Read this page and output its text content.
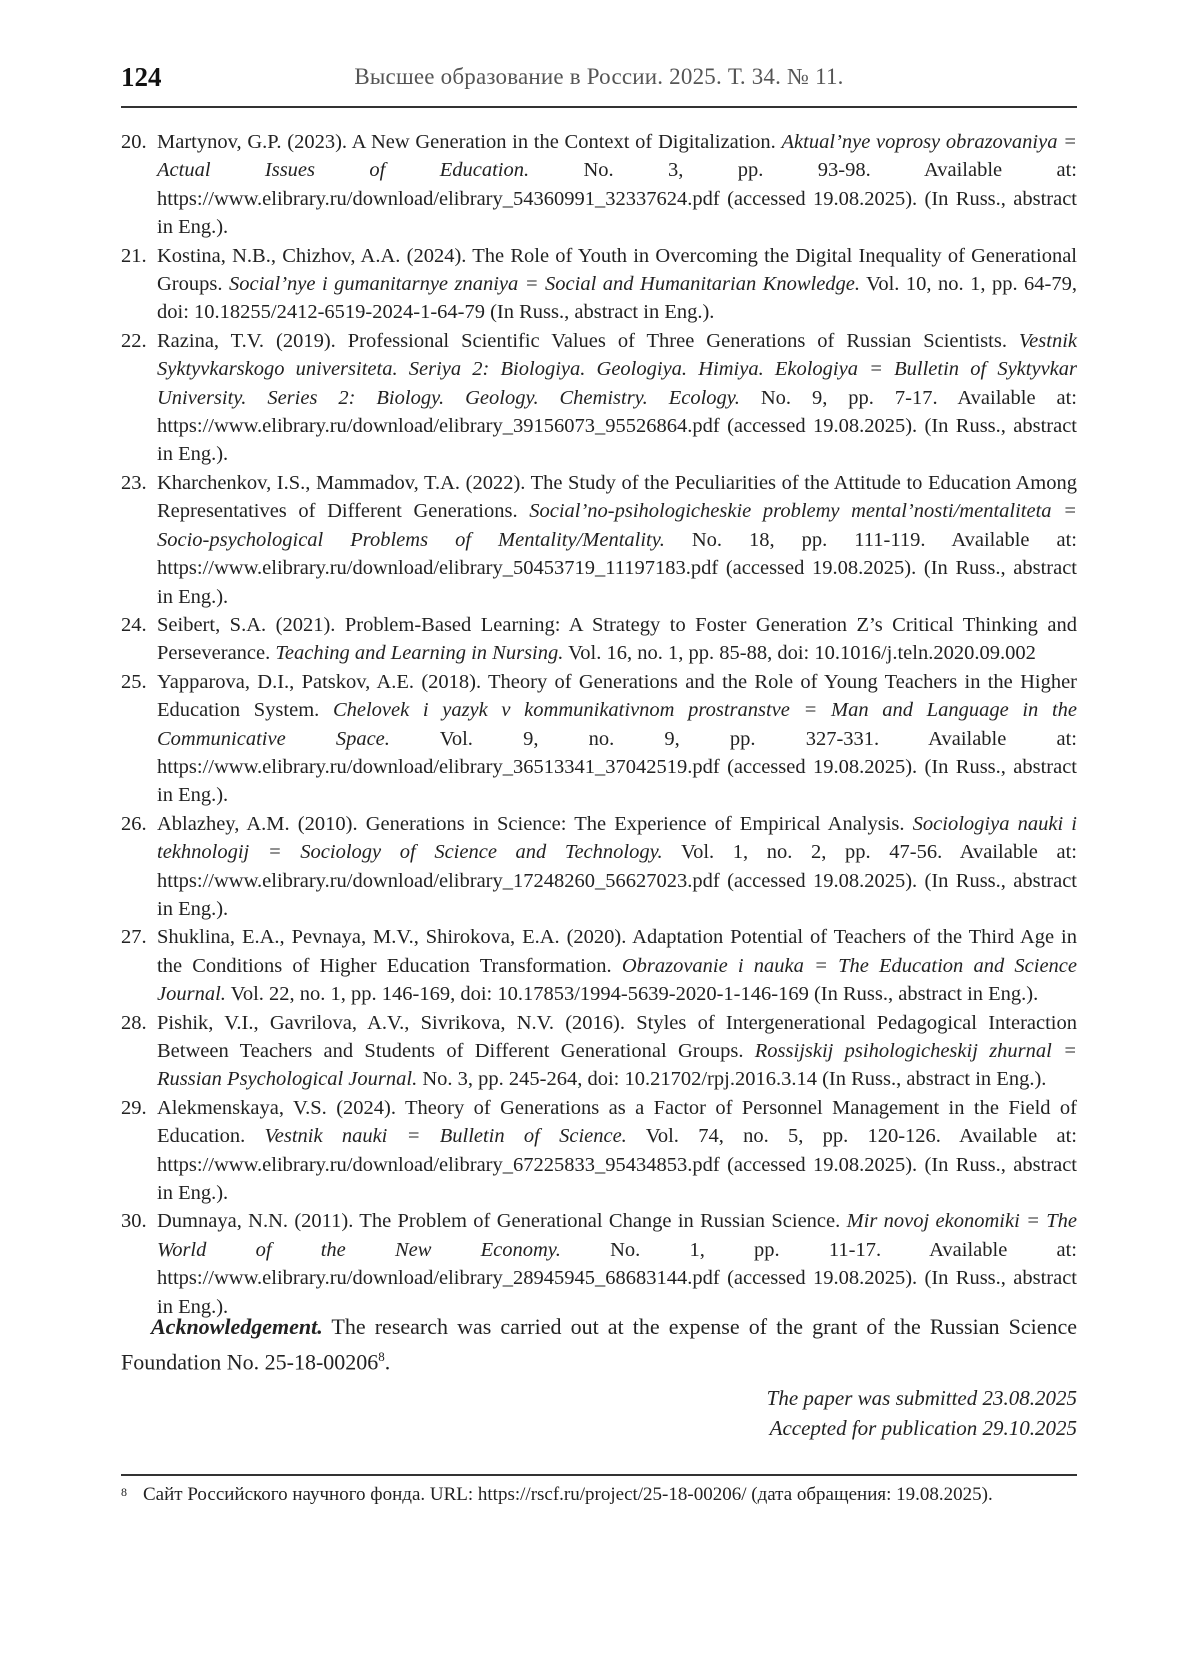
124	Высшее образование в России. 2025. Т. 34. № 11.
20. Martynov, G.P. (2023). A New Generation in the Context of Digitalization. Aktual’nye voprosy obrazovaniya = Actual Issues of Education. No. 3, pp. 93-98. Available at: https://www.elibrary.ru/download/elibrary_54360991_32337624.pdf (accessed 19.08.2025). (In Russ., abstract in Eng.).
21. Kostina, N.B., Chizhov, A.A. (2024). The Role of Youth in Overcoming the Digital Inequality of Generational Groups. Social’nye i gumanitarnye znaniya = Social and Humanitarian Knowledge. Vol. 10, no. 1, pp. 64-79, doi: 10.18255/2412-6519-2024-1-64-79 (In Russ., abstract in Eng.).
22. Razina, T.V. (2019). Professional Scientific Values of Three Generations of Russian Scientists. Vestnik Syktyvkarskogo universiteta. Seriya 2: Biologiya. Geologiya. Himiya. Ekologiya = Bulletin of Syktyvkar University. Series 2: Biology. Geology. Chemistry. Ecology. No. 9, pp. 7-17. Available at: https://www.elibrary.ru/download/elibrary_39156073_95526864.pdf (accessed 19.08.2025). (In Russ., abstract in Eng.).
23. Kharchenkov, I.S., Mammadov, T.A. (2022). The Study of the Peculiarities of the Attitude to Education Among Representatives of Different Generations. Social’no-psihologicheskie problemy mental’nosti/mentaliteta = Socio-psychological Problems of Mentality/Mentality. No. 18, pp. 111-119. Available at: https://www.elibrary.ru/download/elibrary_50453719_11197183.pdf (accessed 19.08.2025). (In Russ., abstract in Eng.).
24. Seibert, S.A. (2021). Problem-Based Learning: A Strategy to Foster Generation Z’s Critical Thinking and Perseverance. Teaching and Learning in Nursing. Vol. 16, no. 1, pp. 85-88, doi: 10.1016/j.teln.2020.09.002
25. Yapparova, D.I., Patskov, A.E. (2018). Theory of Generations and the Role of Young Teachers in the Higher Education System. Chelovek i yazyk v kommunikativnom prostranstve = Man and Language in the Communicative Space. Vol. 9, no. 9, pp. 327-331. Available at: https://www.elibrary.ru/download/elibrary_36513341_37042519.pdf (accessed 19.08.2025). (In Russ., abstract in Eng.).
26. Ablazhey, A.M. (2010). Generations in Science: The Experience of Empirical Analysis. Sociologiya nauki i tekhnologij = Sociology of Science and Technology. Vol. 1, no. 2, pp. 47-56. Available at: https://www.elibrary.ru/download/elibrary_17248260_56627023.pdf (accessed 19.08.2025). (In Russ., abstract in Eng.).
27. Shuklina, E.A., Pevnaya, M.V., Shirokova, E.A. (2020). Adaptation Potential of Teachers of the Third Age in the Conditions of Higher Education Transformation. Obrazovanie i nauka = The Education and Science Journal. Vol. 22, no. 1, pp. 146-169, doi: 10.17853/1994-5639-2020-1-146-169 (In Russ., abstract in Eng.).
28. Pishik, V.I., Gavrilova, A.V., Sivrikova, N.V. (2016). Styles of Intergenerational Pedagogical Interaction Between Teachers and Students of Different Generational Groups. Rossijskij psihologicheskij zhurnal = Russian Psychological Journal. No. 3, pp. 245-264, doi: 10.21702/rpj.2016.3.14 (In Russ., abstract in Eng.).
29. Alekmenskaya, V.S. (2024). Theory of Generations as a Factor of Personnel Management in the Field of Education. Vestnik nauki = Bulletin of Science. Vol. 74, no. 5, pp. 120-126. Available at: https://www.elibrary.ru/download/elibrary_67225833_95434853.pdf (accessed 19.08.2025). (In Russ., abstract in Eng.).
30. Dumnaya, N.N. (2011). The Problem of Generational Change in Russian Science. Mir novoj ekonomiki = The World of the New Economy. No. 1, pp. 11-17. Available at: https://www.elibrary.ru/download/elibrary_28945945_68683144.pdf (accessed 19.08.2025). (In Russ., abstract in Eng.).

Acknowledgement. The research was carried out at the expense of the grant of the Russian Science Foundation No. 25-18-00206$^8$.

The paper was submitted 23.08.2025
Accepted for publication 29.10.2025
8 Сайт Российского научного фонда. URL: https://rscf.ru/project/25-18-00206/ (дата обращения: 19.08.2025).
